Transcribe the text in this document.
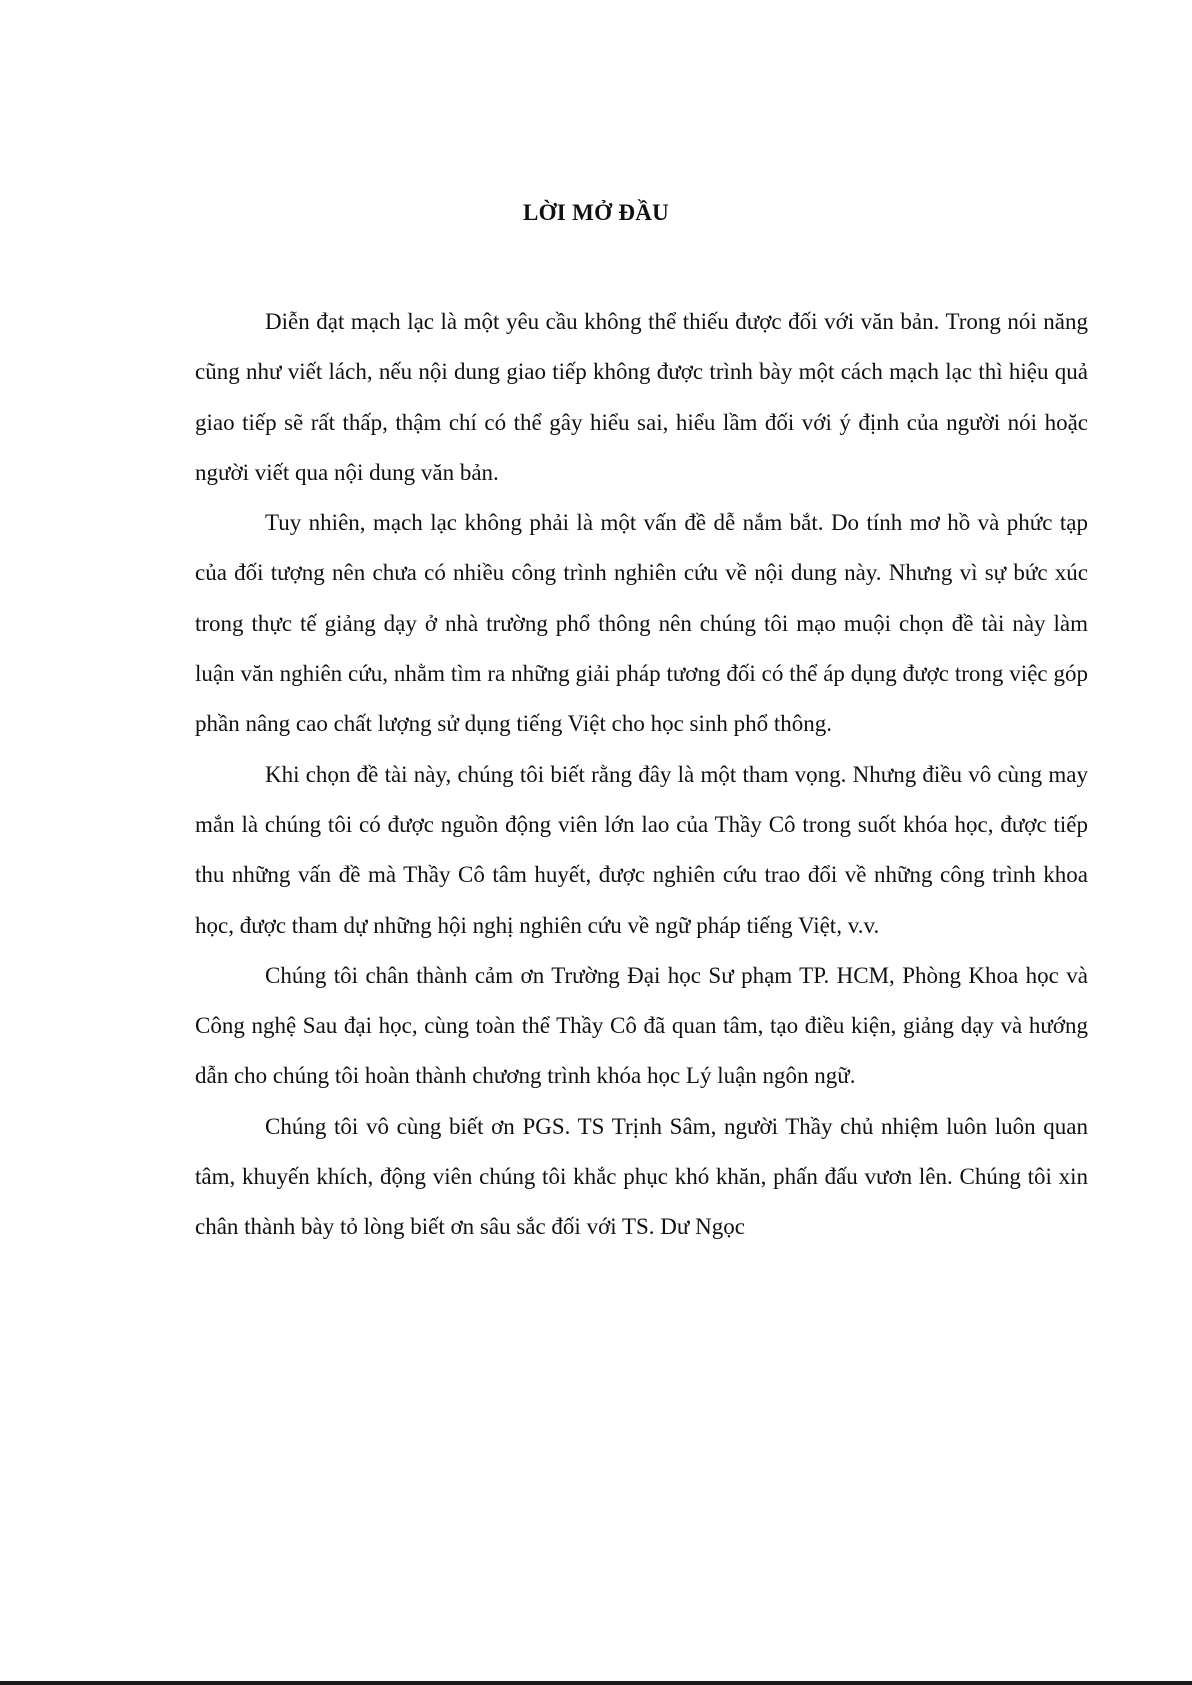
LỜI MỞ ĐẦU

Diễn đạt mạch lạc là một yêu cầu không thể thiếu được đối với văn bản. Trong nói năng cũng như viết lách, nếu nội dung giao tiếp không được trình bày một cách mạch lạc thì hiệu quả giao tiếp sẽ rất thấp, thậm chí có thể gây hiểu sai, hiểu lầm đối với ý định của người nói hoặc người viết qua nội dung văn bản.

Tuy nhiên, mạch lạc không phải là một vấn đề dễ nắm bắt. Do tính mơ hồ và phức tạp của đối tượng nên chưa có nhiều công trình nghiên cứu về nội dung này. Nhưng vì sự bức xúc trong thực tế giảng dạy ở nhà trường phổ thông nên chúng tôi mạo muội chọn đề tài này làm luận văn nghiên cứu, nhằm tìm ra những giải pháp tương đối có thể áp dụng được trong việc góp phần nâng cao chất lượng sử dụng tiếng Việt cho học sinh phổ thông.

Khi chọn đề tài này, chúng tôi biết rằng đây là một tham vọng. Nhưng điều vô cùng may mắn là chúng tôi có được nguồn động viên lớn lao của Thầy Cô trong suốt khóa học, được tiếp thu những vấn đề mà Thầy Cô tâm huyết, được nghiên cứu trao đổi về những công trình khoa học, được tham dự những hội nghị nghiên cứu về ngữ pháp tiếng Việt, v.v.

Chúng tôi chân thành cảm ơn Trường Đại học Sư phạm TP. HCM, Phòng Khoa học và Công nghệ Sau đại học, cùng toàn thể Thầy Cô đã quan tâm, tạo điều kiện, giảng dạy và hướng dẫn cho chúng tôi hoàn thành chương trình khóa học Lý luận ngôn ngữ.

Chúng tôi vô cùng biết ơn PGS. TS Trịnh Sâm, người Thầy chủ nhiệm luôn luôn quan tâm, khuyến khích, động viên chúng tôi khắc phục khó khăn, phấn đấu vươn lên. Chúng tôi xin chân thành bày tỏ lòng biết ơn sâu sắc đối với TS. Dư Ngọc
